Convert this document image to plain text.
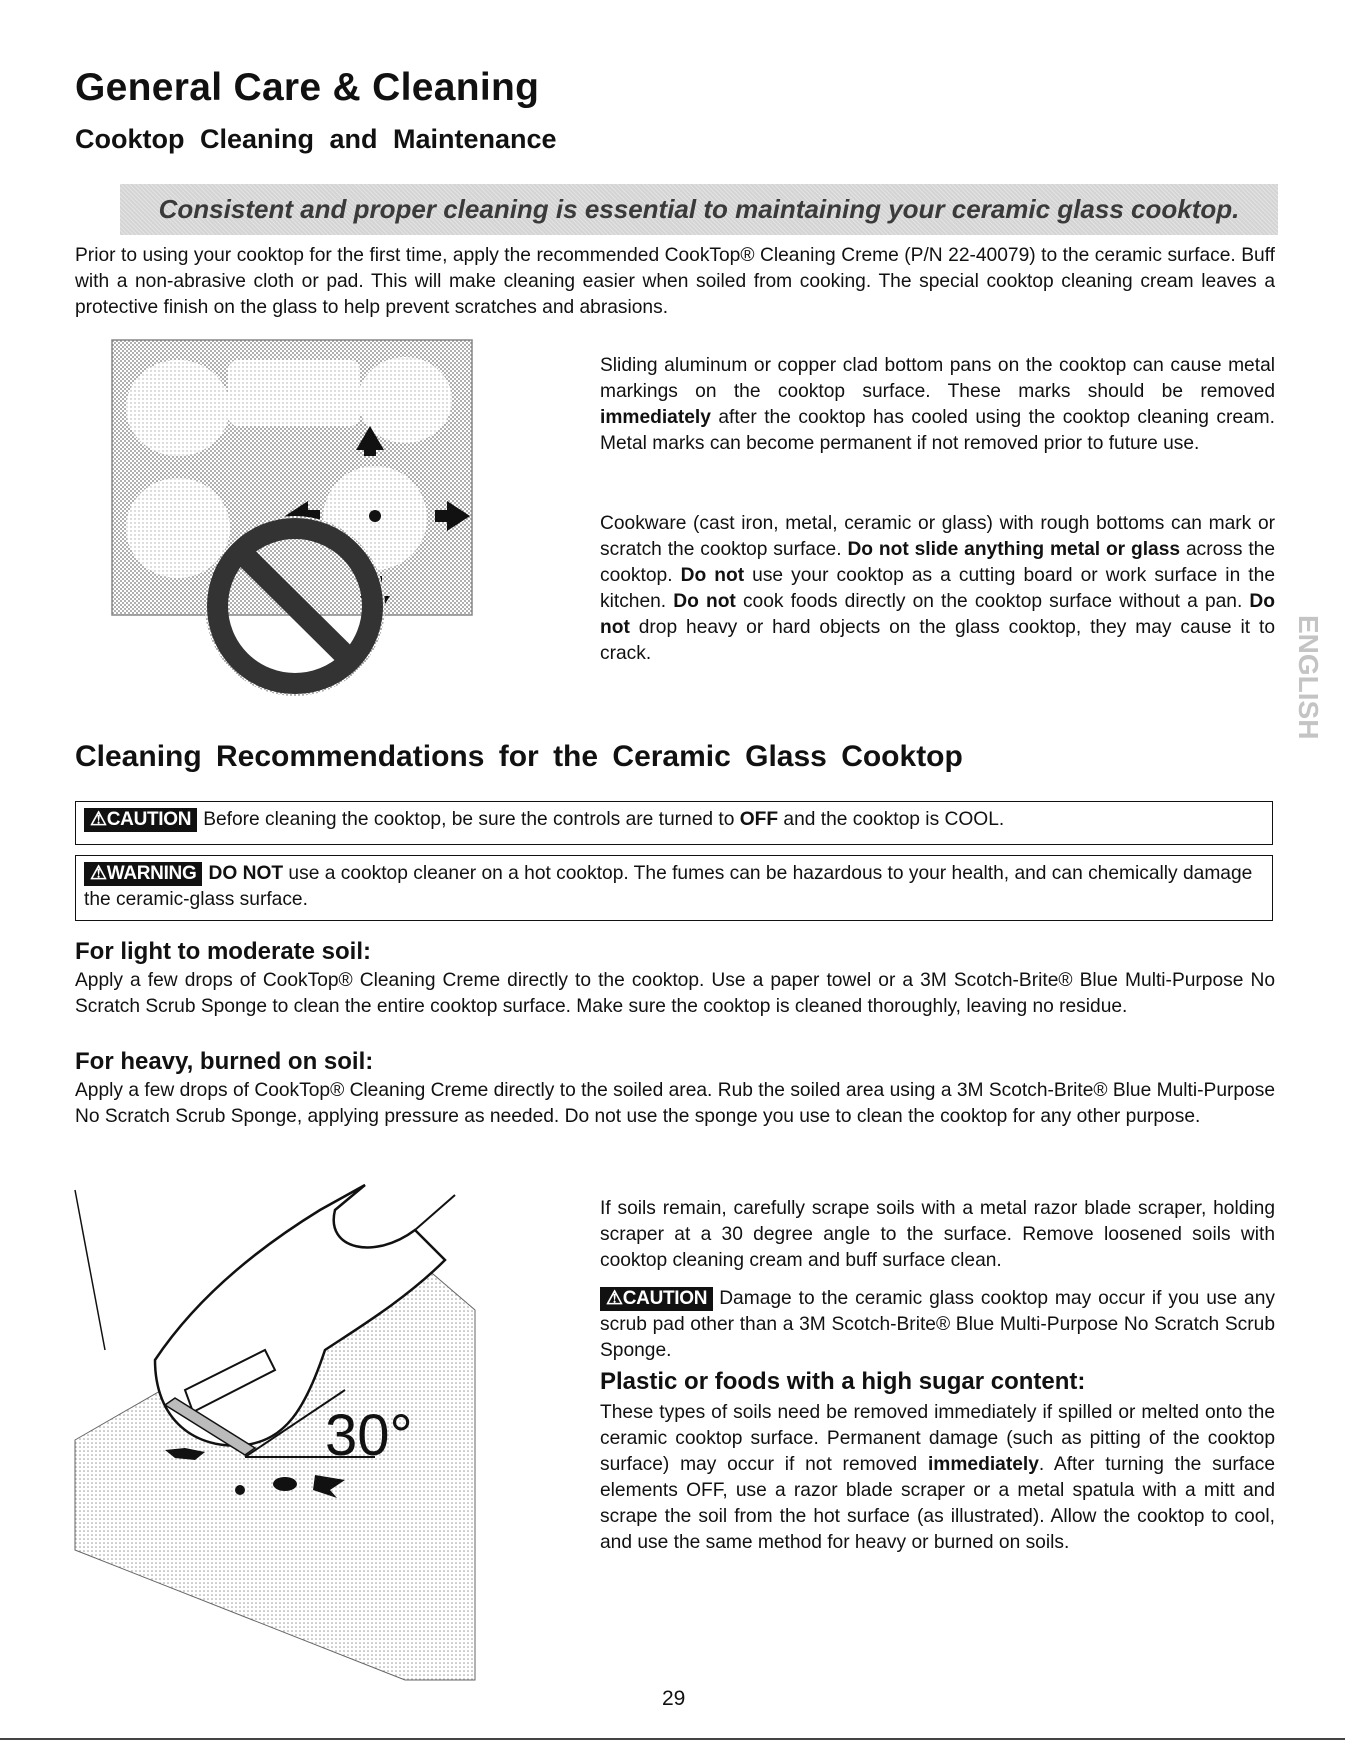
General Care & Cleaning
Cooktop Cleaning and Maintenance
Consistent and proper cleaning is essential to maintaining your ceramic glass cooktop.
Prior to using your cooktop for the first time, apply the recommended CookTop® Cleaning Creme (P/N 22-40079) to the ceramic surface. Buff with a non-abrasive cloth or pad. This will make cleaning easier when soiled from cooking. The special cooktop cleaning cream leaves a protective finish on the glass to help prevent scratches and abrasions.
Sliding aluminum or copper clad bottom pans on the cooktop can cause metal markings on the cooktop surface. These marks should be removed immediately after the cooktop has cooled using the cooktop cleaning cream. Metal marks can become permanent if not removed prior to future use.
Cookware (cast iron, metal, ceramic or glass) with rough bottoms can mark or scratch the cooktop surface. Do not slide anything metal or glass across the cooktop. Do not use your cooktop as a cutting board or work surface in the kitchen. Do not cook foods directly on the cooktop surface without a pan. Do not drop heavy or hard objects on the glass cooktop, they may cause it to crack.	ENGLISH
Cleaning Recommendations for the Ceramic Glass Cooktop
⚠CAUTION Before cleaning the cooktop, be sure the controls are turned to OFF and the cooktop is COOL.
⚠WARNING DO NOT use a cooktop cleaner on a hot cooktop. The fumes can be hazardous to your health, and can chemically damage the ceramic-glass surface.
For light to moderate soil:
Apply a few drops of CookTop® Cleaning Creme directly to the cooktop. Use a paper towel or a 3M Scotch-Brite® Blue Multi-Purpose No Scratch Scrub Sponge to clean the entire cooktop surface. Make sure the cooktop is cleaned thoroughly, leaving no residue.
For heavy, burned on soil:
Apply a few drops of CookTop® Cleaning Creme directly to the soiled area. Rub the soiled area using a 3M Scotch-Brite® Blue Multi-Purpose No Scratch Scrub Sponge, applying pressure as needed. Do not use the sponge you use to clean the cooktop for any other purpose.
30°
If soils remain, carefully scrape soils with a metal razor blade scraper, holding scraper at a 30 degree angle to the surface. Remove loosened soils with cooktop cleaning cream and buff surface clean.
⚠CAUTION Damage to the ceramic glass cooktop may occur if you use any scrub pad other than a 3M Scotch-Brite® Blue Multi-Purpose No Scratch Scrub Sponge.
Plastic or foods with a high sugar content:
These types of soils need be removed immediately if spilled or melted onto the ceramic cooktop surface. Permanent damage (such as pitting of the cooktop surface) may occur if not removed immediately. After turning the surface elements OFF, use a razor blade scraper or a metal spatula with a mitt and scrape the soil from the hot surface (as illustrated). Allow the cooktop to cool, and use the same method for heavy or burned on soils.
29
